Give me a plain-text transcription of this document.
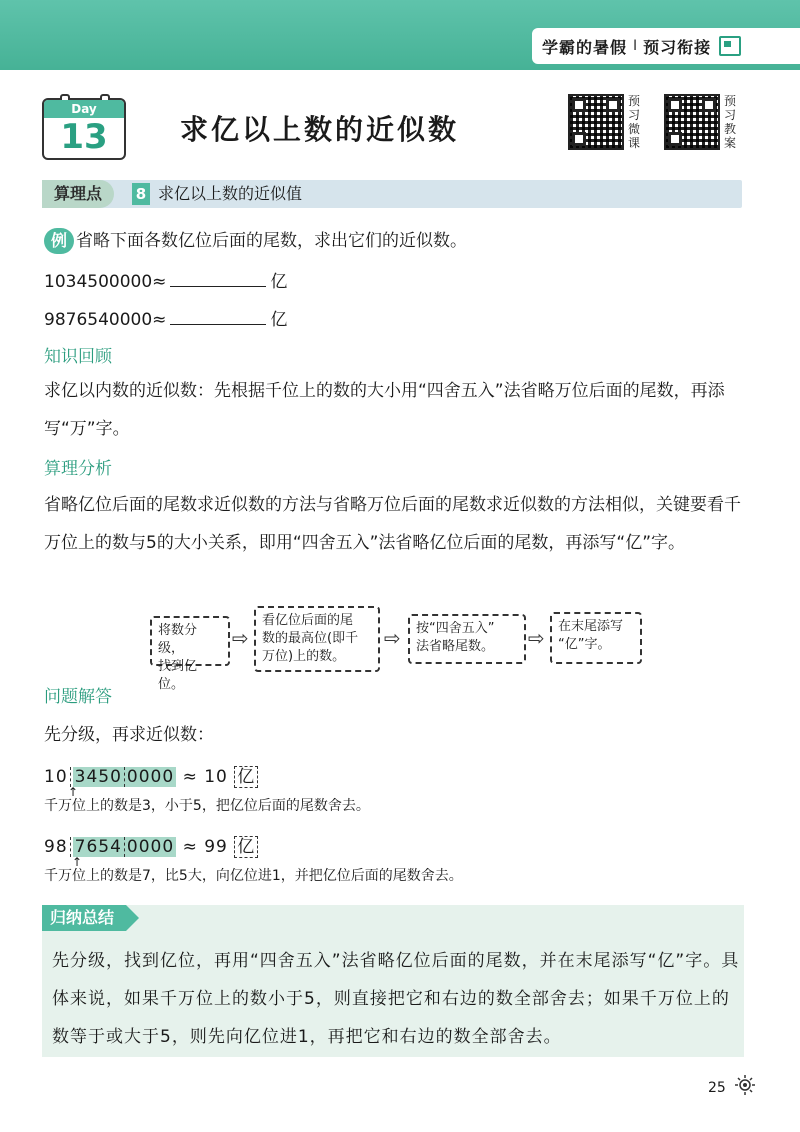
学霸的暑假 I 预习衔接
Day
13	求亿以上数的近似数
预习微课
预习教案
算理点	8 求亿以上数的近似值
例 省略下面各数亿位后面的尾数，求出它们的近似数。
1034500000≈	亿
9876540000≈	亿
知识回顾
求亿以内数的近似数：先根据千位上的数的大小用“四舍五入”法省略万位后面的尾数，再添写“万”字。
算理分析
省略亿位后面的尾数求近似数的方法与省略万位后面的尾数求近似数的方法相似，关键要看千万位上的数与5的大小关系，即用“四舍五入”法省略亿位后面的尾数，再添写“亿”字。
将数分级，
找到亿位。
⇨
看亿位后面的尾
数的最高位(即千
万位)上的数。
⇨ 按“四舍五入”
法省略尾数。	⇨ 在末尾添写
“亿”字。
问题解答
先分级，再求近似数：
10 3450 0000 ≈ 10 亿
↑
千万位上的数是3，小于5，把亿位后面的尾数舍去。
98 7654 0000 ≈ 99 亿
↑
千万位上的数是7，比5大，向亿位进1，并把亿位后面的尾数舍去。
归纳总结
先分级，找到亿位，再用“四舍五入”法省略亿位后面的尾数，并在末尾添写“亿”字。具体来说，如果千万位上的数小于5，则直接把它和右边的数全部舍去；如果千万位上的数等于或大于5，则先向亿位进1，再把它和右边的数全部舍去。
25
